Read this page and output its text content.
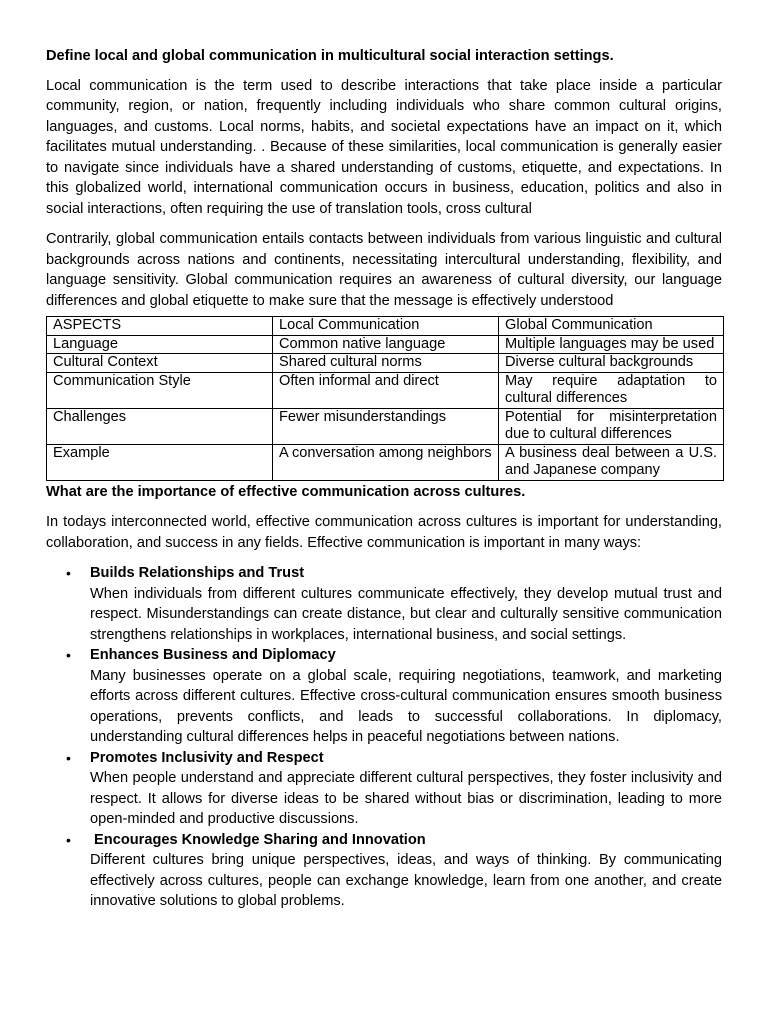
Define local and global communication in multicultural social interaction settings.

Local communication is the term used to describe interactions that take place inside a particular community, region, or nation, frequently including individuals who share common cultural origins, languages, and customs. Local norms, habits, and societal expectations have an impact on it, which facilitates mutual understanding. . Because of these similarities, local communication is generally easier to navigate since individuals have a shared understanding of customs, etiquette, and expectations. In this globalized world, international communication occurs in business, education, politics and also in social interactions, often requiring the use of translation tools, cross cultural

Contrarily, global communication entails contacts between individuals from various linguistic and cultural backgrounds across nations and continents, necessitating intercultural understanding, flexibility, and language sensitivity. Global communication requires an awareness of cultural diversity, our language differences and global etiquette to make sure that the message is effectively understood

ASPECTS	Local Communication	Global Communication
Language	Common native language	Multiple languages may be used
Cultural Context	Shared cultural norms	Diverse cultural backgrounds
Communication Style	Often informal and direct	May require adaptation to cultural differences
Challenges	Fewer misunderstandings	Potential for misinterpretation due to cultural differences
Example	A conversation among neighbors	A business deal between a U.S. and Japanese company
What are the importance of effective communication across cultures.

In todays interconnected world, effective communication across cultures is important for understanding, collaboration, and success in any fields. Effective communication is important in many ways:

• Builds Relationships and Trust
When individuals from different cultures communicate effectively, they develop mutual trust and respect. Misunderstandings can create distance, but clear and culturally sensitive communication strengthens relationships in workplaces, international business, and social settings.
• Enhances Business and Diplomacy
Many businesses operate on a global scale, requiring negotiations, teamwork, and marketing efforts across different cultures. Effective cross-cultural communication ensures smooth business operations, prevents conflicts, and leads to successful collaborations. In diplomacy, understanding cultural differences helps in peaceful negotiations between nations.
• Promotes Inclusivity and Respect
When people understand and appreciate different cultural perspectives, they foster inclusivity and respect. It allows for diverse ideas to be shared without bias or discrimination, leading to more open-minded and productive discussions.
• Encourages Knowledge Sharing and Innovation
Different cultures bring unique perspectives, ideas, and ways of thinking. By communicating effectively across cultures, people can exchange knowledge, learn from one another, and create innovative solutions to global problems.
